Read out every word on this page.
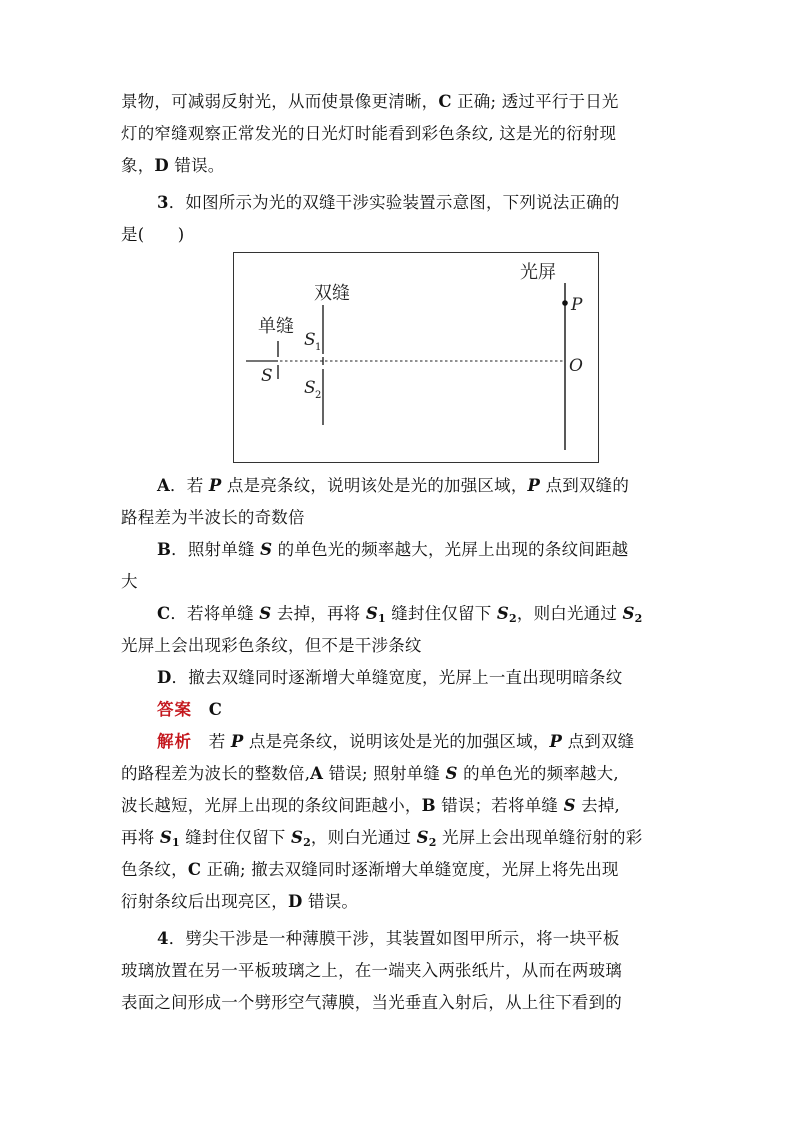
景物，可减弱反射光，从而使景像更清晰，C 正确; 透过平行于日光
灯的窄缝观察正常发光的日光灯时能看到彩色条纹, 这是光的衍射现
象，D 错误。
3．如图所示为光的双缝干涉实验装置示意图，下列说法正确的
是(　　)
光屏
P
O
双缝
单缝
S
S 1
S 2
A．若 P 点是亮条纹，说明该处是光的加强区域，P 点到双缝的
路程差为半波长的奇数倍
B．照射单缝 S 的单色光的频率越大，光屏上出现的条纹间距越
大
C．若将单缝 S 去掉，再将 $S_1$ 缝封住仅留下 $S_2$，则白光通过 $S_2$
光屏上会出现彩色条纹，但不是干涉条纹
D．撤去双缝同时逐渐增大单缝宽度，光屏上一直出现明暗条纹
答案　 C
解析　 若 P 点是亮条纹，说明该处是光的加强区域，P 点到双缝
的路程差为波长的整数倍,A 错误; 照射单缝 S 的单色光的频率越大,
波长越短，光屏上出现的条纹间距越小，B 错误；若将单缝 S 去掉,
再将 $S_1$ 缝封住仅留下 $S_2$，则白光通过 $S_2$ 光屏上会出现单缝衍射的彩
色条纹，C 正确; 撤去双缝同时逐渐增大单缝宽度，光屏上将先出现
衍射条纹后出现亮区，D 错误。
4．劈尖干涉是一种薄膜干涉，其装置如图甲所示，将一块平板
玻璃放置在另一平板玻璃之上，在一端夹入两张纸片，从而在两玻璃
表面之间形成一个劈形空气薄膜，当光垂直入射后，从上往下看到的
